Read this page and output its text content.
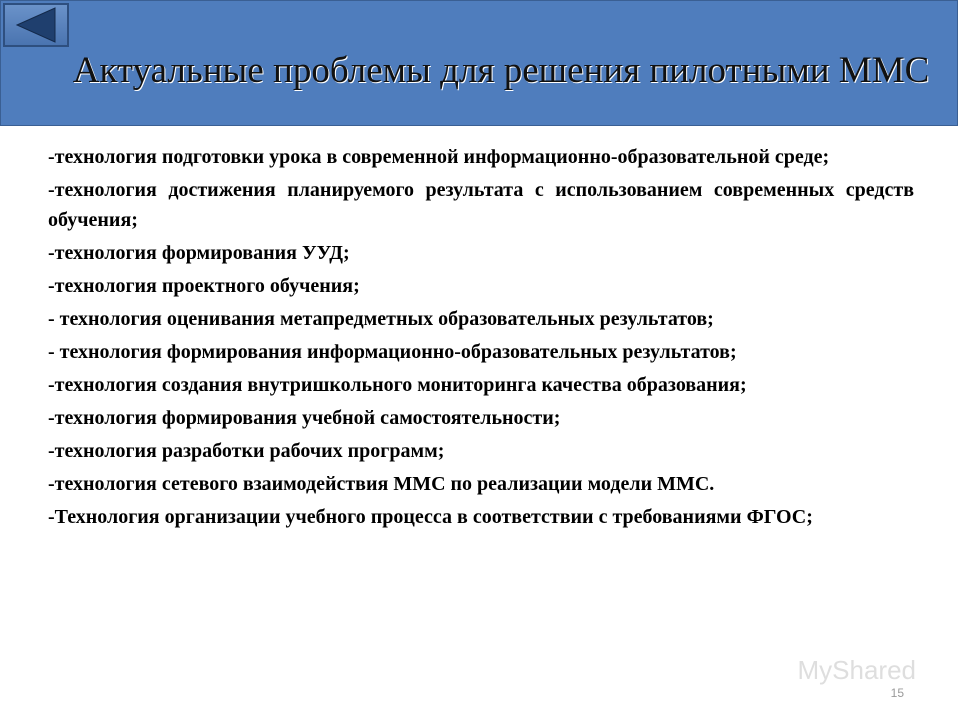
Актуальные проблемы для решения пилотными ММС

-технология подготовки урока в современной информационно-образовательной среде;

-технология достижения планируемого результата с использованием современных средств обучения;

-технология формирования УУД;

-технология проектного обучения;

- технология оценивания метапредметных образовательных результатов;

- технология формирования информационно-образовательных результатов;

-технология создания внутришкольного мониторинга качества образования;

-технология формирования учебной самостоятельности;

-технология разработки рабочих программ;

-технология сетевого взаимодействия ММС по реализации модели ММС.

-Технология организации учебного процесса в соответствии с требованиями ФГОС;

MyShared
15
